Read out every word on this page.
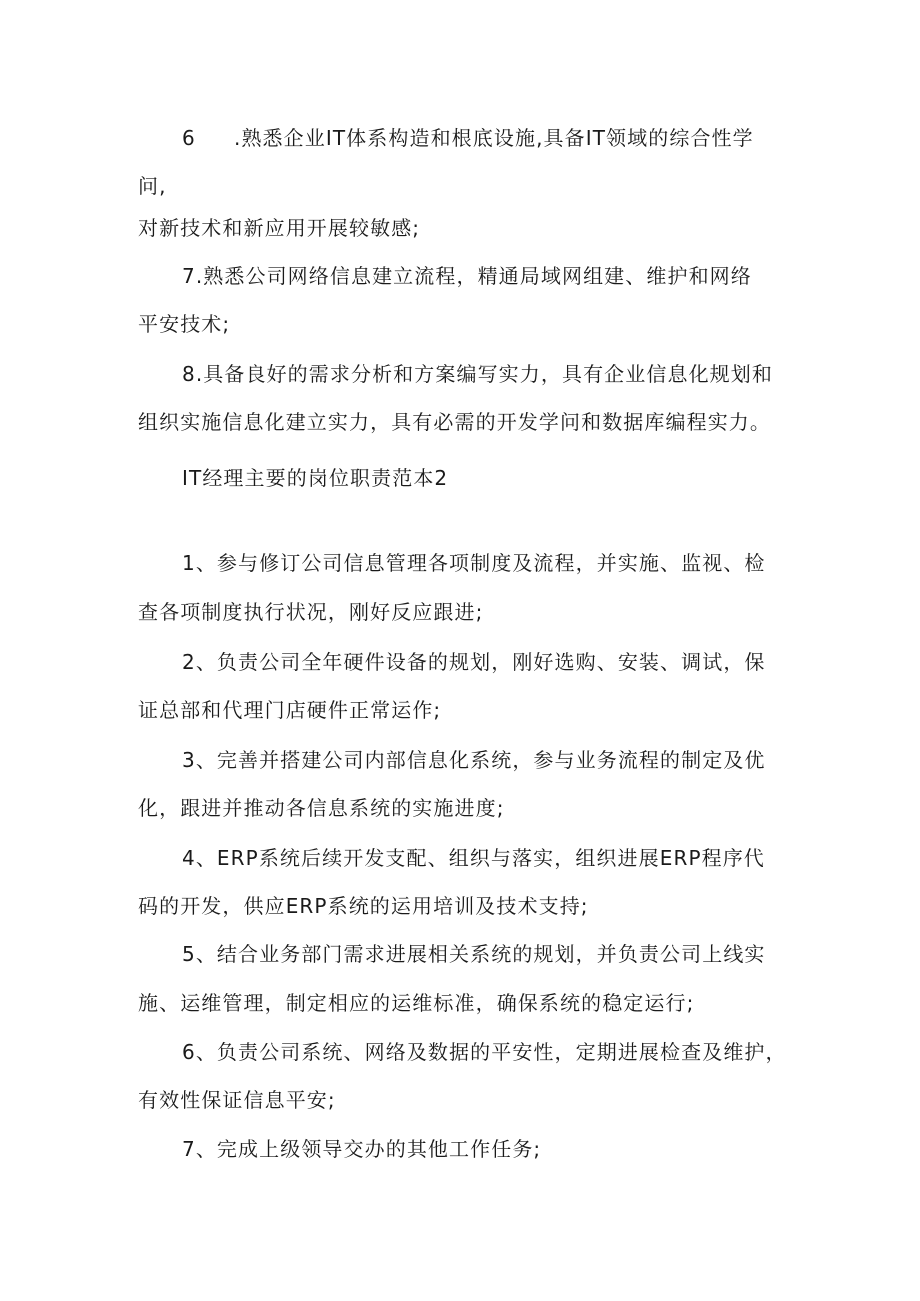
6 .熟悉企业IT体系构造和根底设施,具备IT领域的综合性学
问,
对新技术和新应用开展较敏感;
7.熟悉公司网络信息建立流程，精通局域网组建、维护和网络
平安技术;
8.具备良好的需求分析和方案编写实力，具有企业信息化规划和
组织实施信息化建立实力，具有必需的开发学问和数据库编程实力。
IT经理主要的岗位职责范本2
1、参与修订公司信息管理各项制度及流程，并实施、监视、检
查各项制度执行状况，刚好反应跟进;
2、负责公司全年硬件设备的规划，刚好选购、安装、调试，保
证总部和代理门店硬件正常运作;
3、完善并搭建公司内部信息化系统，参与业务流程的制定及优
化，跟进并推动各信息系统的实施进度;
4、ERP系统后续开发支配、组织与落实，组织进展ERP程序代
码的开发，供应ERP系统的运用培训及技术支持;
5、结合业务部门需求进展相关系统的规划，并负责公司上线实
施、运维管理，制定相应的运维标准，确保系统的稳定运行;
6、负责公司系统、网络及数据的平安性，定期进展检查及维护，
有效性保证信息平安;
7、完成上级领导交办的其他工作任务;
